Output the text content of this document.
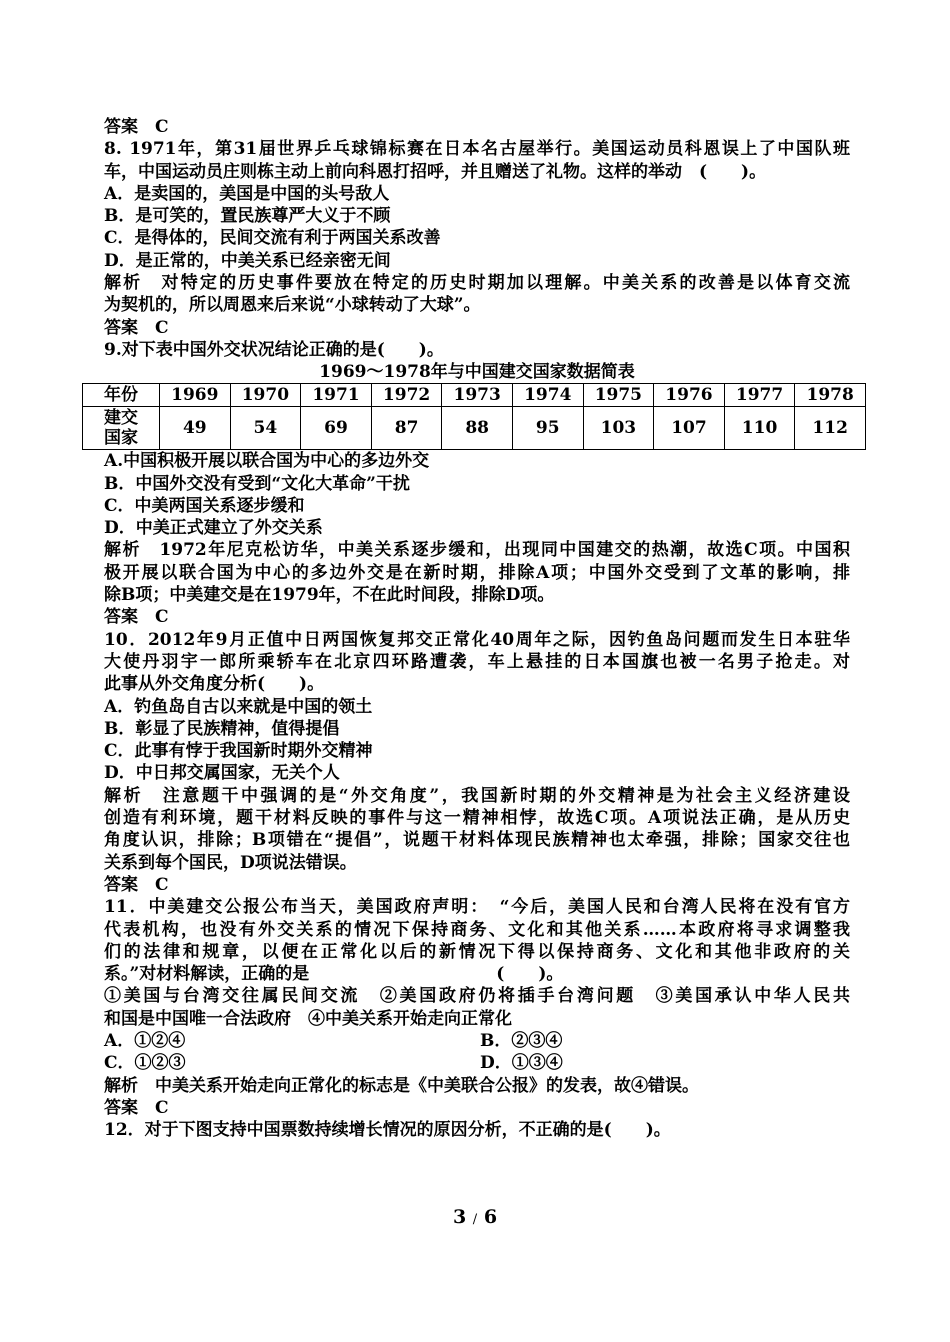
答案　C
8. 1971年，第31届世界乒乓球锦标赛在日本名古屋举行。美国运动员科恩误上了中国队班
车，中国运动员庄则栋主动上前向科恩打招呼，并且赠送了礼物。这样的举动　(　　)。
A．是卖国的，美国是中国的头号敌人
B．是可笑的，置民族尊严大义于不顾
C．是得体的，民间交流有利于两国关系改善
D．是正常的，中美关系已经亲密无间
解析　对特定的历史事件要放在特定的历史时期加以理解。中美关系的改善是以体育交流
为契机的，所以周恩来后来说“小球转动了大球”。
答案　C
9.对下表中国外交状况结论正确的是(　　)。
1969～1978年与中国建交国家数据简表
年份	1969	1970	1971	1972	1973	1974	1975	1976	1977	1978
建交
国家	49	54	69	87	88	95	103	107	110	112
A.中国积极开展以联合国为中心的多边外交
B．中国外交没有受到“文化大革命”干扰
C．中美两国关系逐步缓和
D．中美正式建立了外交关系
解析　1972年尼克松访华，中美关系逐步缓和，出现同中国建交的热潮，故选C项。中国积
极开展以联合国为中心的多边外交是在新时期，排除A项；中国外交受到了文革的影响，排
除B项；中美建交是在1979年，不在此时间段，排除D项。
答案　C
10．2012年9月正值中日两国恢复邦交正常化40周年之际，因钓鱼岛问题而发生日本驻华
大使丹羽宇一郎所乘轿车在北京四环路遭袭，车上悬挂的日本国旗也被一名男子抢走。对
此事从外交角度分析(　　)。
A．钓鱼岛自古以来就是中国的领土
B．彰显了民族精神，值得提倡
C．此事有悖于我国新时期外交精神
D．中日邦交属国家，无关个人
解析　注意题干中强调的是“外交角度”，我国新时期的外交精神是为社会主义经济建设
创造有利环境，题干材料反映的事件与这一精神相悖，故选C项。A项说法正确，是从历史
角度认识，排除；B项错在“提倡”，说题干材料体现民族精神也太牵强，排除；国家交往也
关系到每个国民，D项说法错误。
答案　C
11．中美建交公报公布当天，美国政府声明：　“今后，美国人民和台湾人民将在没有官方
代表机构，也没有外交关系的情况下保持商务、文化和其他关系……本政府将寻求调整我
们的法律和规章，以便在正常化以后的新情况下得以保持商务、文化和其他非政府的关
系。”对材料解读，正确的是　　　　　　　　　　　(　　)。
①美国与台湾交往属民间交流　②美国政府仍将插手台湾问题　③美国承认中华人民共
和国是中国唯一合法政府　④中美关系开始走向正常化
A．①②④	B．②③④
C．①②③	D．①③④
解析　中美关系开始走向正常化的标志是《中美联合公报》的发表，故④错误。
答案　C
12．对于下图支持中国票数持续增长情况的原因分析，不正确的是(　　)。
3 / 6
